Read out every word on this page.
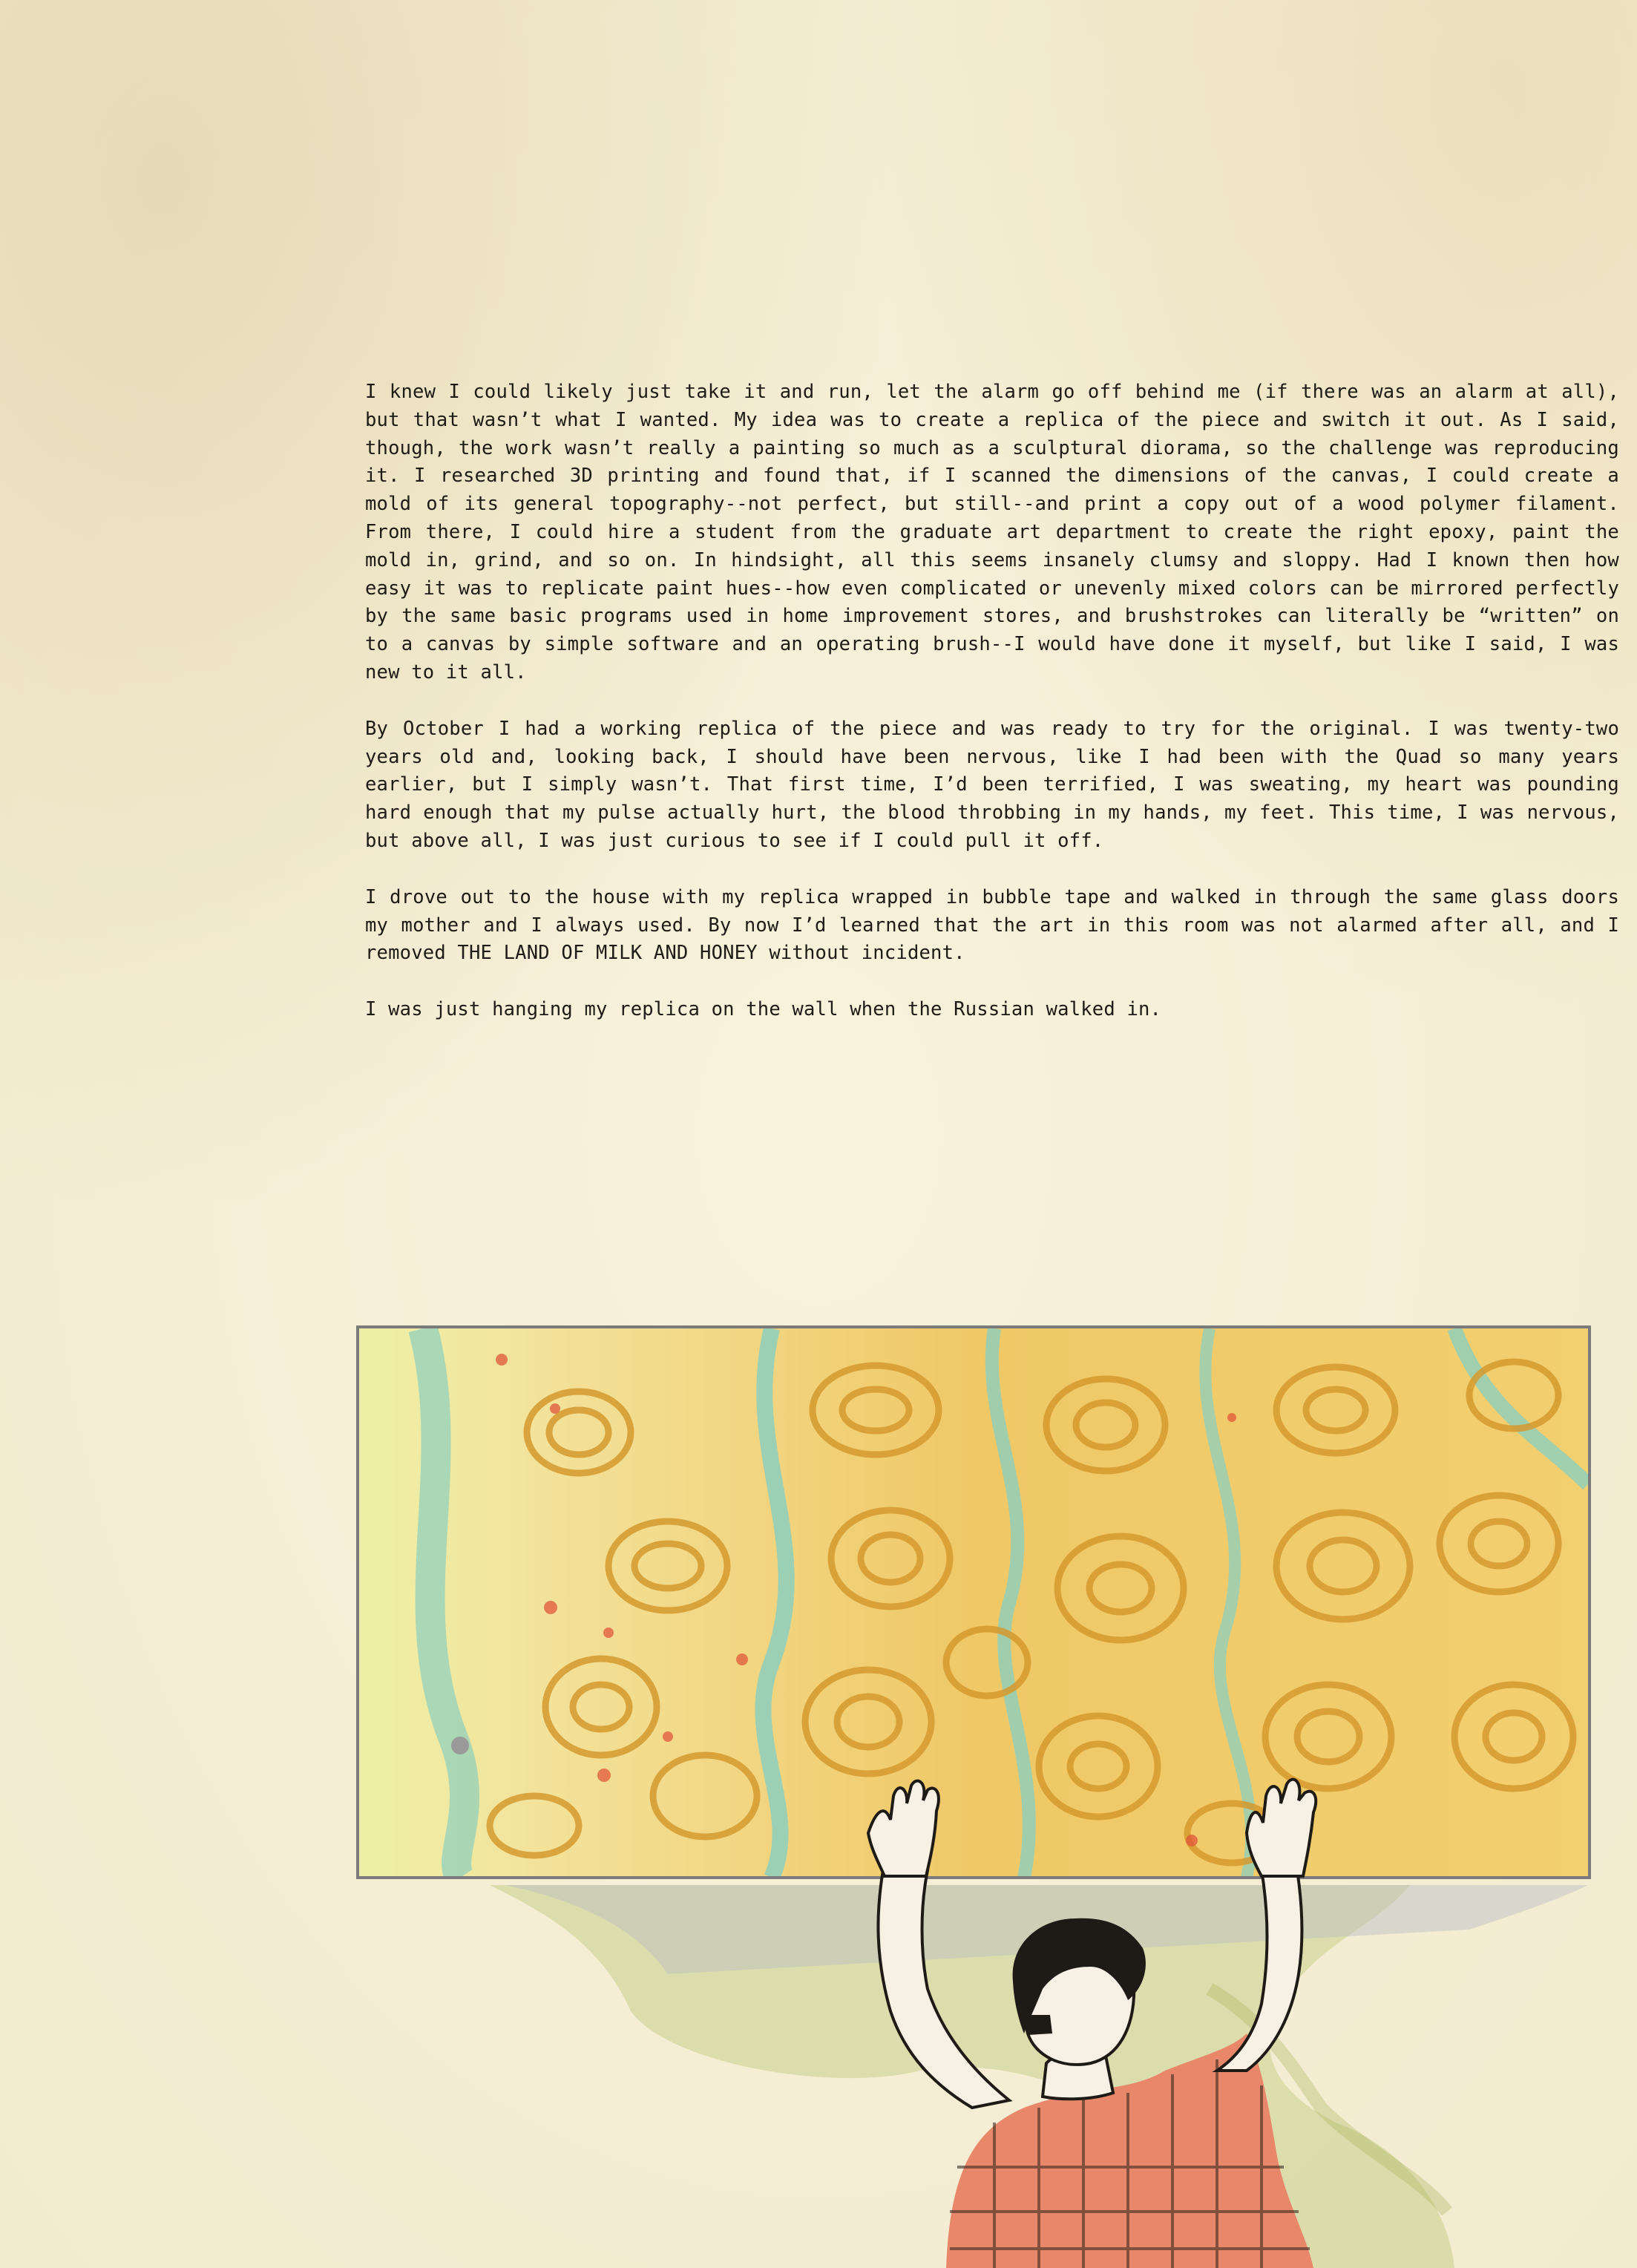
I knew I could likely just take it and run, let the alarm go off behind me (if there was an alarm at all), but that wasn’t what I wanted. My idea was to create a replica of the piece and switch it out. As I said, though, the work wasn’t really a painting so much as a sculptural diorama, so the challenge was reproducing it. I researched 3D printing and found that, if I scanned the dimensions of the canvas, I could create a mold of its general topography--not perfect, but still--and print a copy out of a wood polymer filament. From there, I could hire a student from the graduate art department to create the right epoxy, paint the mold in, grind, and so on. In hindsight, all this seems insanely clumsy and sloppy. Had I known then how easy it was to replicate paint hues--how even complicated or unevenly mixed colors can be mirrored perfectly by the same basic programs used in home improvement stores, and brushstrokes can literally be “written” on to a canvas by simple software and an operating brush--I would have done it myself, but like I said, I was new to it all.

By October I had a working replica of the piece and was ready to try for the original. I was twenty-two years old and, looking back, I should have been nervous, like I had been with the Quad so many years earlier, but I simply wasn’t. That first time, I’d been terrified, I was sweating, my heart was pounding hard enough that my pulse actually hurt, the blood throbbing in my hands, my feet. This time, I was nervous, but above all, I was just curious to see if I could pull it off.

I drove out to the house with my replica wrapped in bubble tape and walked in through the same glass doors my mother and I always used. By now I’d learned that the art in this room was not alarmed after all, and I removed THE LAND OF MILK AND HONEY without incident.

I was just hanging my replica on the wall when the Russian walked in.
